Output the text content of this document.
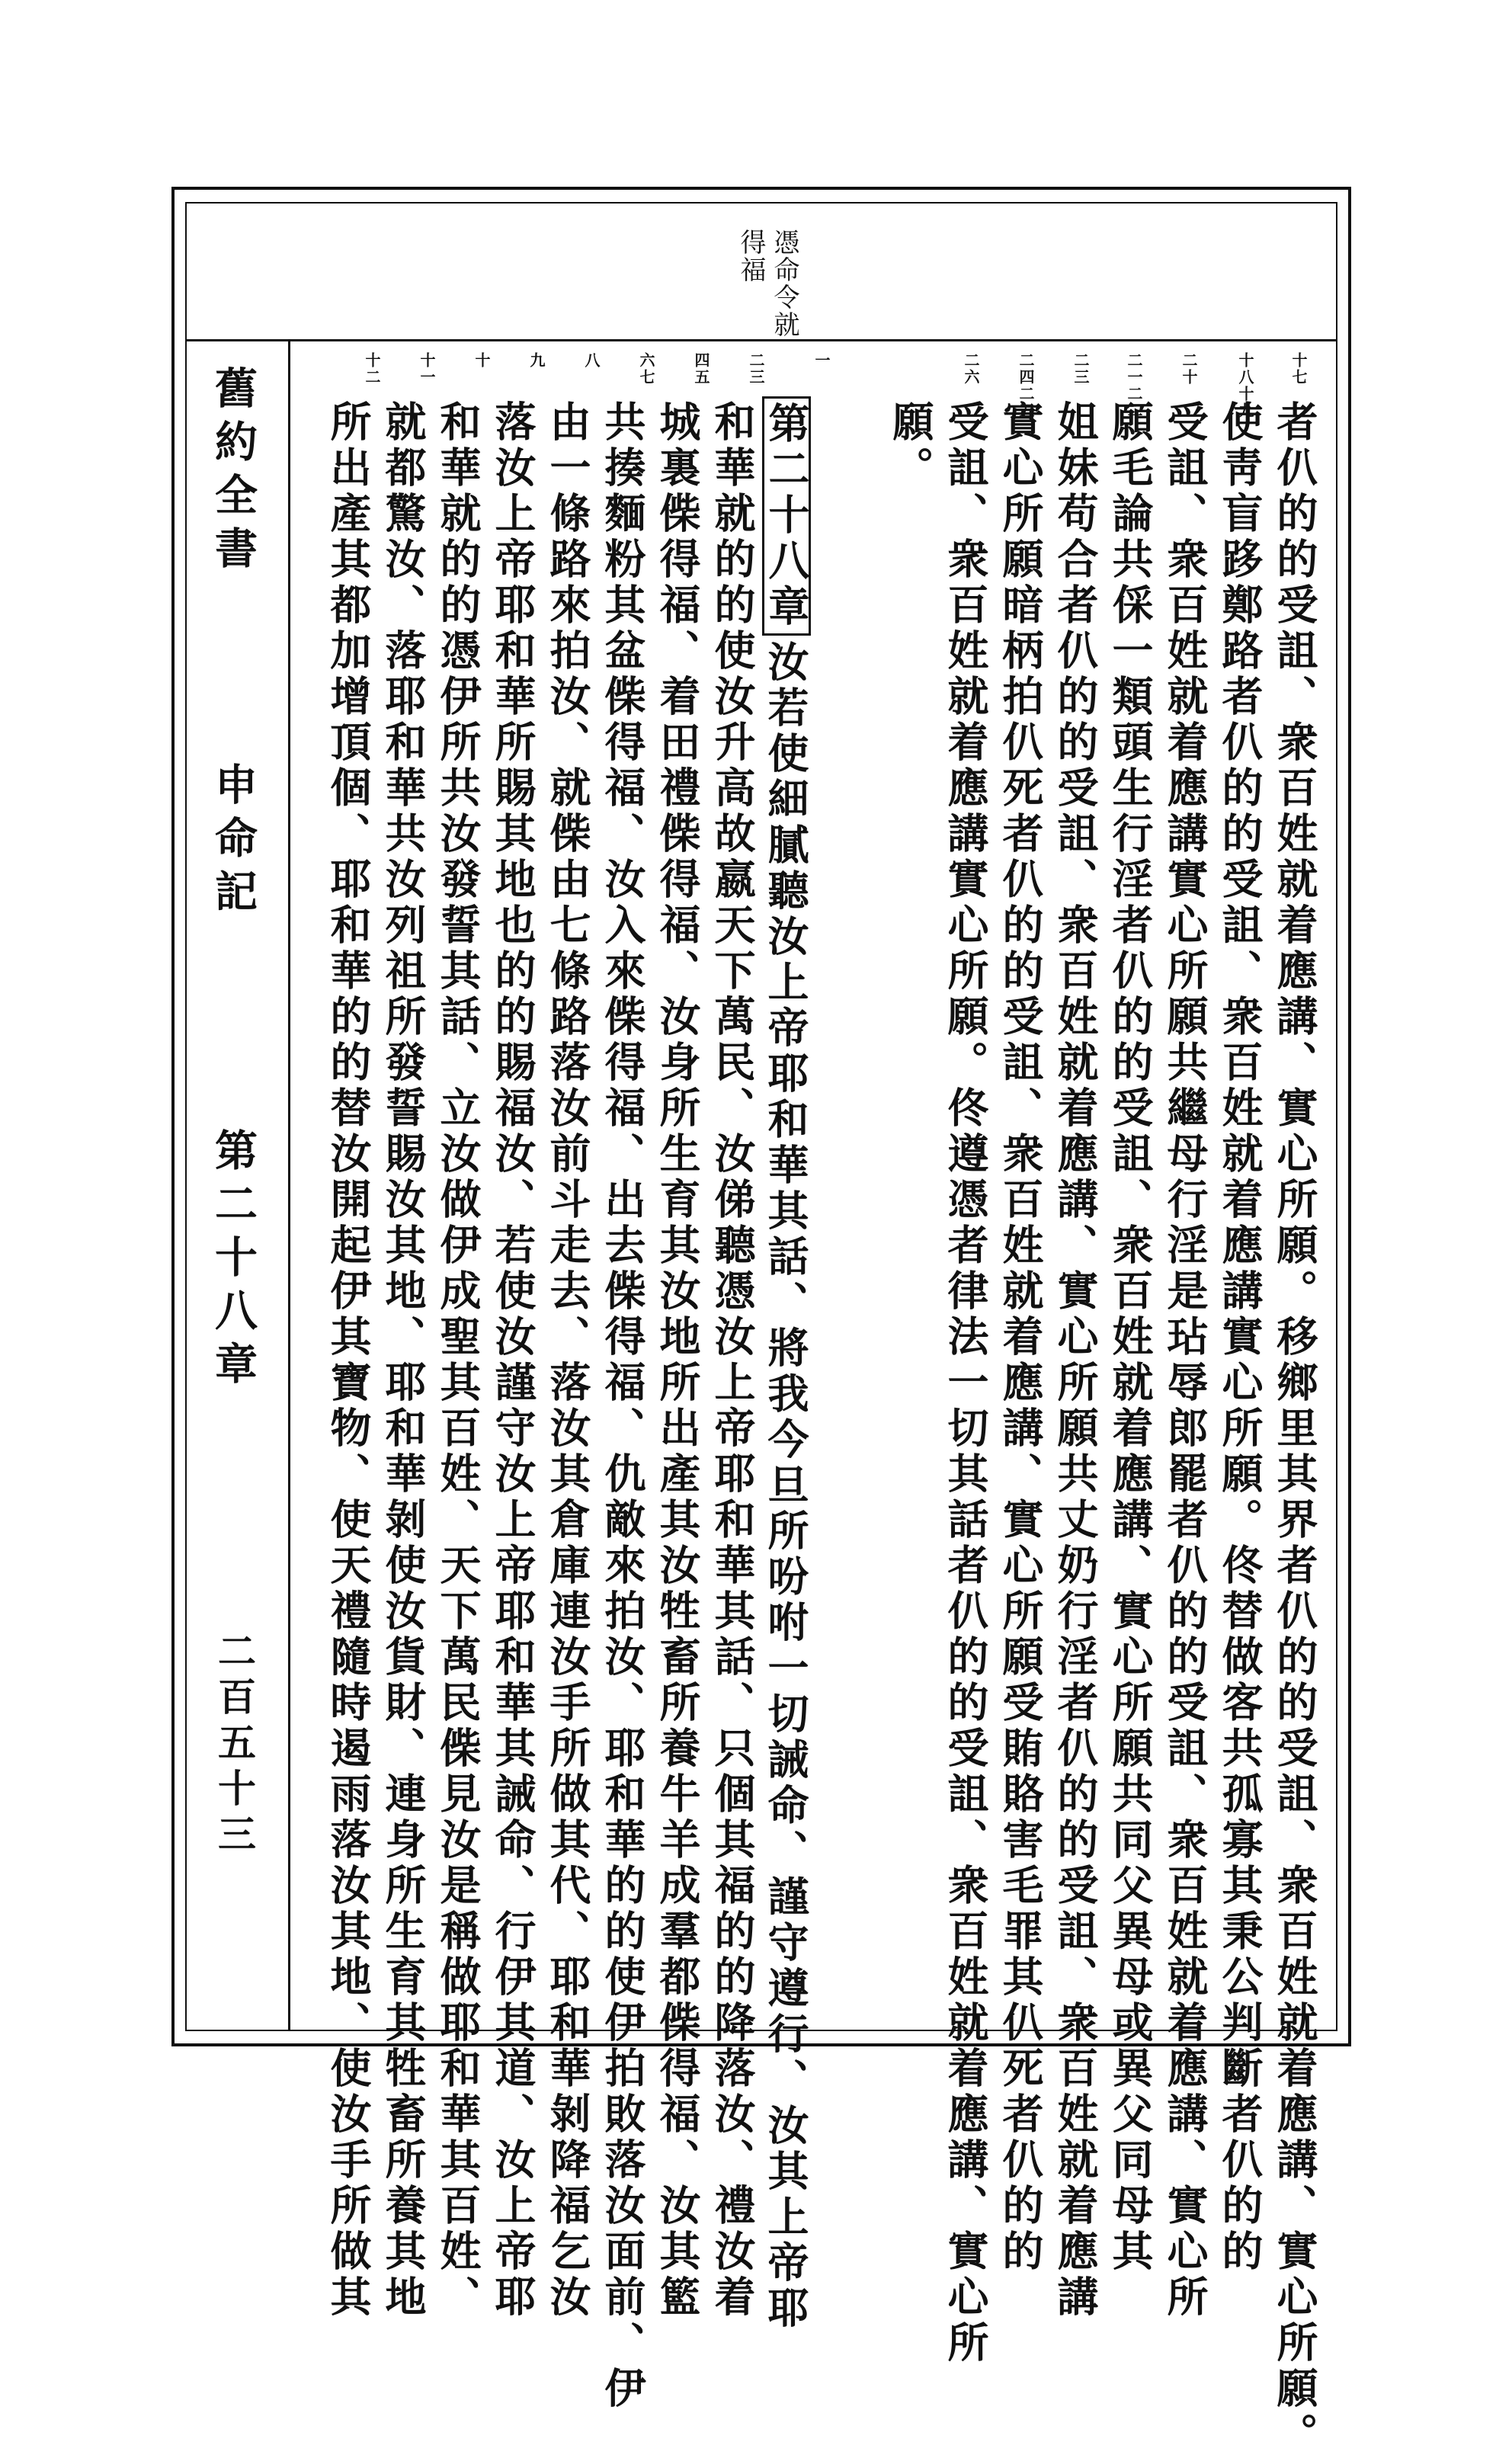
憑命令就
得福
舊約全書
申命記
第二十八章
二百五十三
十七
者仈的的受詛、衆百姓就着應講、實心所願。移鄉里其界者仈的的受詛、衆百姓就着應講、實心所願。
十八十九
使靑盲跢鄭路者仈的的受詛、衆百姓就着應講實心所願。佟替做客共孤寡其秉公判斷者仈的的
二十
受詛、衆百姓就着應講實心所願共繼母行淫是玷辱郎罷者仈的的受詛、衆百姓就着應講、實心所
二一二二
願毛論共倸一類頭生行淫者仈的的受詛、衆百姓就着應講、實心所願共同父異母或異父同母其
二三
姐妹苟合者仈的的受詛、衆百姓就着應講、實心所願共丈奶行淫者仈的的受詛、衆百姓就着應講
二四二五
實心所願暗柄拍仈死者仈的的受詛、衆百姓就着應講、實心所願受賄賂害毛罪其仈死者仈的的
二六
受詛、衆百姓就着應講實心所願。佟遵憑者律法一切其話者仈的的受詛、衆百姓就着應講、實心所
願。
一
第二十八章
汝若使細膩聽汝上帝耶和華其話、將我今旦所吩咐一切誡命、謹守遵行、汝其上帝耶
二三
和華就的的使汝升高故嬴天下萬民、汝俤聽憑汝上帝耶和華其話、只個其福的的降落汝、禮汝着
四五
城裏偨得福、着田禮偨得福、汝身所生育其汝地所出產其汝牲畜所養牛羊成羣都偨得福、汝其籃
六七
共揍麵粉其盆偨得福、汝入來偨得福、出去偨得福、仇敵來拍汝、耶和華的的使伊拍敗落汝面前、伊
八
由一條路來拍汝、就偨由七條路落汝前斗走去、落汝其倉庫連汝手所做其代、耶和華剝降福乞汝
九
落汝上帝耶和華所賜其地也的的賜福汝、若使汝謹守汝上帝耶和華其誡命、行伊其道、汝上帝耶
十
和華就的的憑伊所共汝發誓其話、立汝做伊成聖其百姓、天下萬民偨見汝是稱做耶和華其百姓、
十一
就都驚汝、落耶和華共汝列祖所發誓賜汝其地、耶和華剝使汝貨財、連身所生育其牲畜所養其地
十二
所出產其都加增頂個、耶和華的的替汝開起伊其寶物、使天禮隨時遏雨落汝其地、使汝手所做其
